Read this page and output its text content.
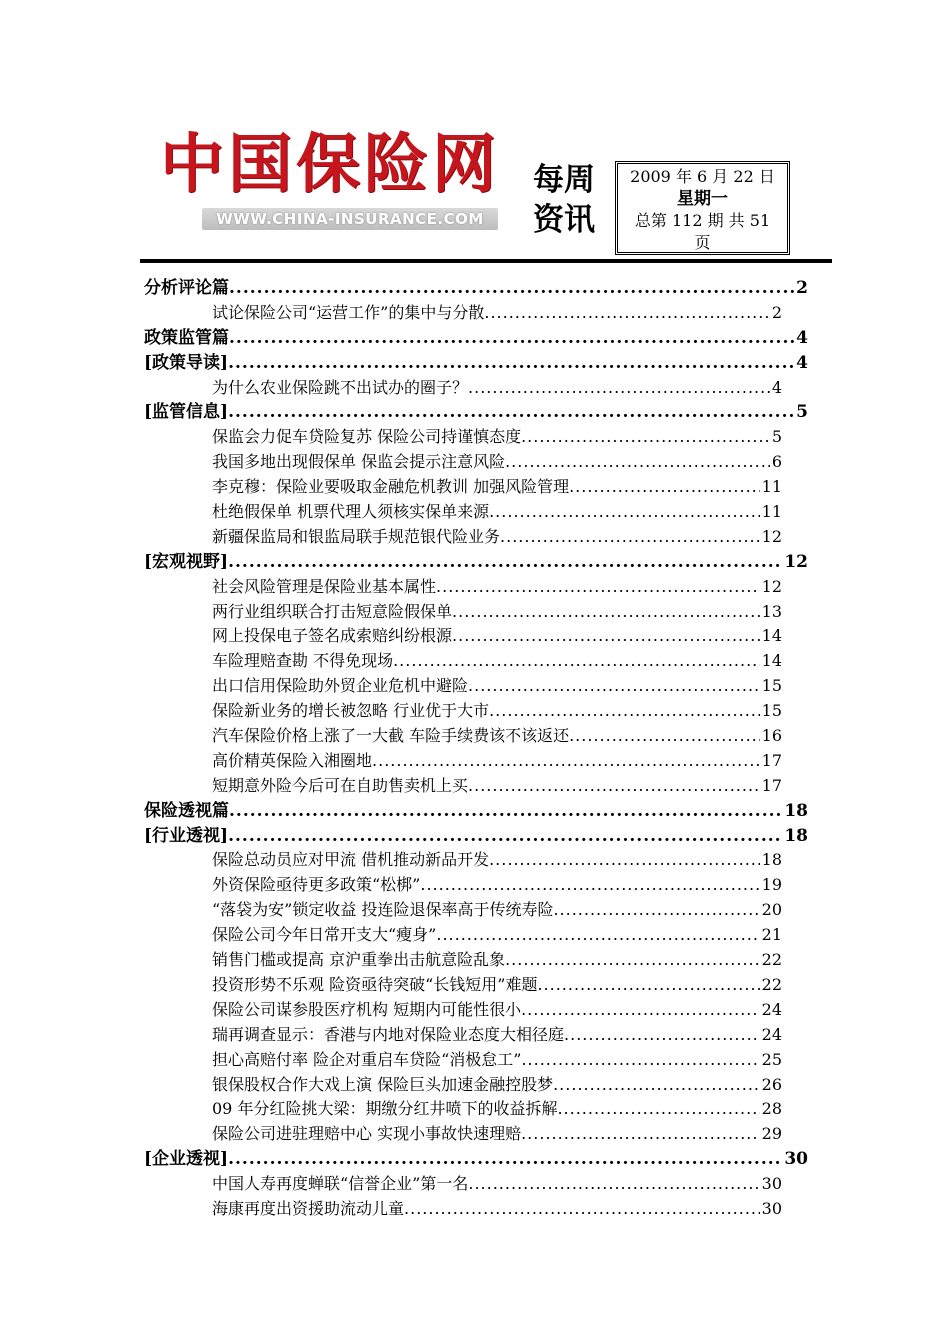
中国保险网
WWW.CHINA-INSURANCE.COM
每周
资讯
2009 年 6 月 22 日
星期一
总第 112 期 共 51
页
分析评论篇 .....	2
试论保险公司“运营工作”的集中与分散 .....	2
政策监管篇 .....	4
[政策导读] .....	4
为什么农业保险跳不出试办的圈子？ .....	4
[监管信息] .....	5
保监会力促车贷险复苏 保险公司持谨慎态度 .....	5
我国多地出现假保单 保监会提示注意风险 .....	6
李克穆：保险业要吸取金融危机教训 加强风险管理 .....	11
杜绝假保单 机票代理人须核实保单来源 .....	11
新疆保监局和银监局联手规范银代险业务 .....	12
[宏观视野] .....	12
社会风险管理是保险业基本属性 .....	12
两行业组织联合打击短意险假保单 .....	13
网上投保电子签名成索赔纠纷根源 .....	14
车险理赔查勘 不得免现场 .....	14
出口信用保险助外贸企业危机中避险 .....	15
保险新业务的增长被忽略 行业优于大市 .....	15
汽车保险价格上涨了一大截 车险手续费该不该返还 .....	16
高价精英保险入湘圈地 .....	17
短期意外险今后可在自助售卖机上买 .....	17
保险透视篇 .....	18
[行业透视] .....	18
保险总动员应对甲流 借机推动新品开发 .....	18
外资保险亟待更多政策“松梆” .....	19
“落袋为安”锁定收益 投连险退保率高于传统寿险 .....	20
保险公司今年日常开支大“瘦身” .....	21
销售门槛或提高 京沪重拳出击航意险乱象 .....	22
投资形势不乐观 险资亟待突破“长钱短用”难题 .....	22
保险公司谋参股医疗机构 短期内可能性很小 .....	24
瑞再调查显示：香港与内地对保险业态度大相径庭 .....	24
担心高赔付率 险企对重启车贷险“消极怠工” .....	25
银保股权合作大戏上演 保险巨头加速金融控股梦 .....	26
09 年分红险挑大梁：期缴分红井喷下的收益拆解 .....	28
保险公司进驻理赔中心 实现小事故快速理赔 .....	29
[企业透视] .....	30
中国人寿再度蝉联“信誉企业”第一名 .....	30
海康再度出资援助流动儿童 .....	30
